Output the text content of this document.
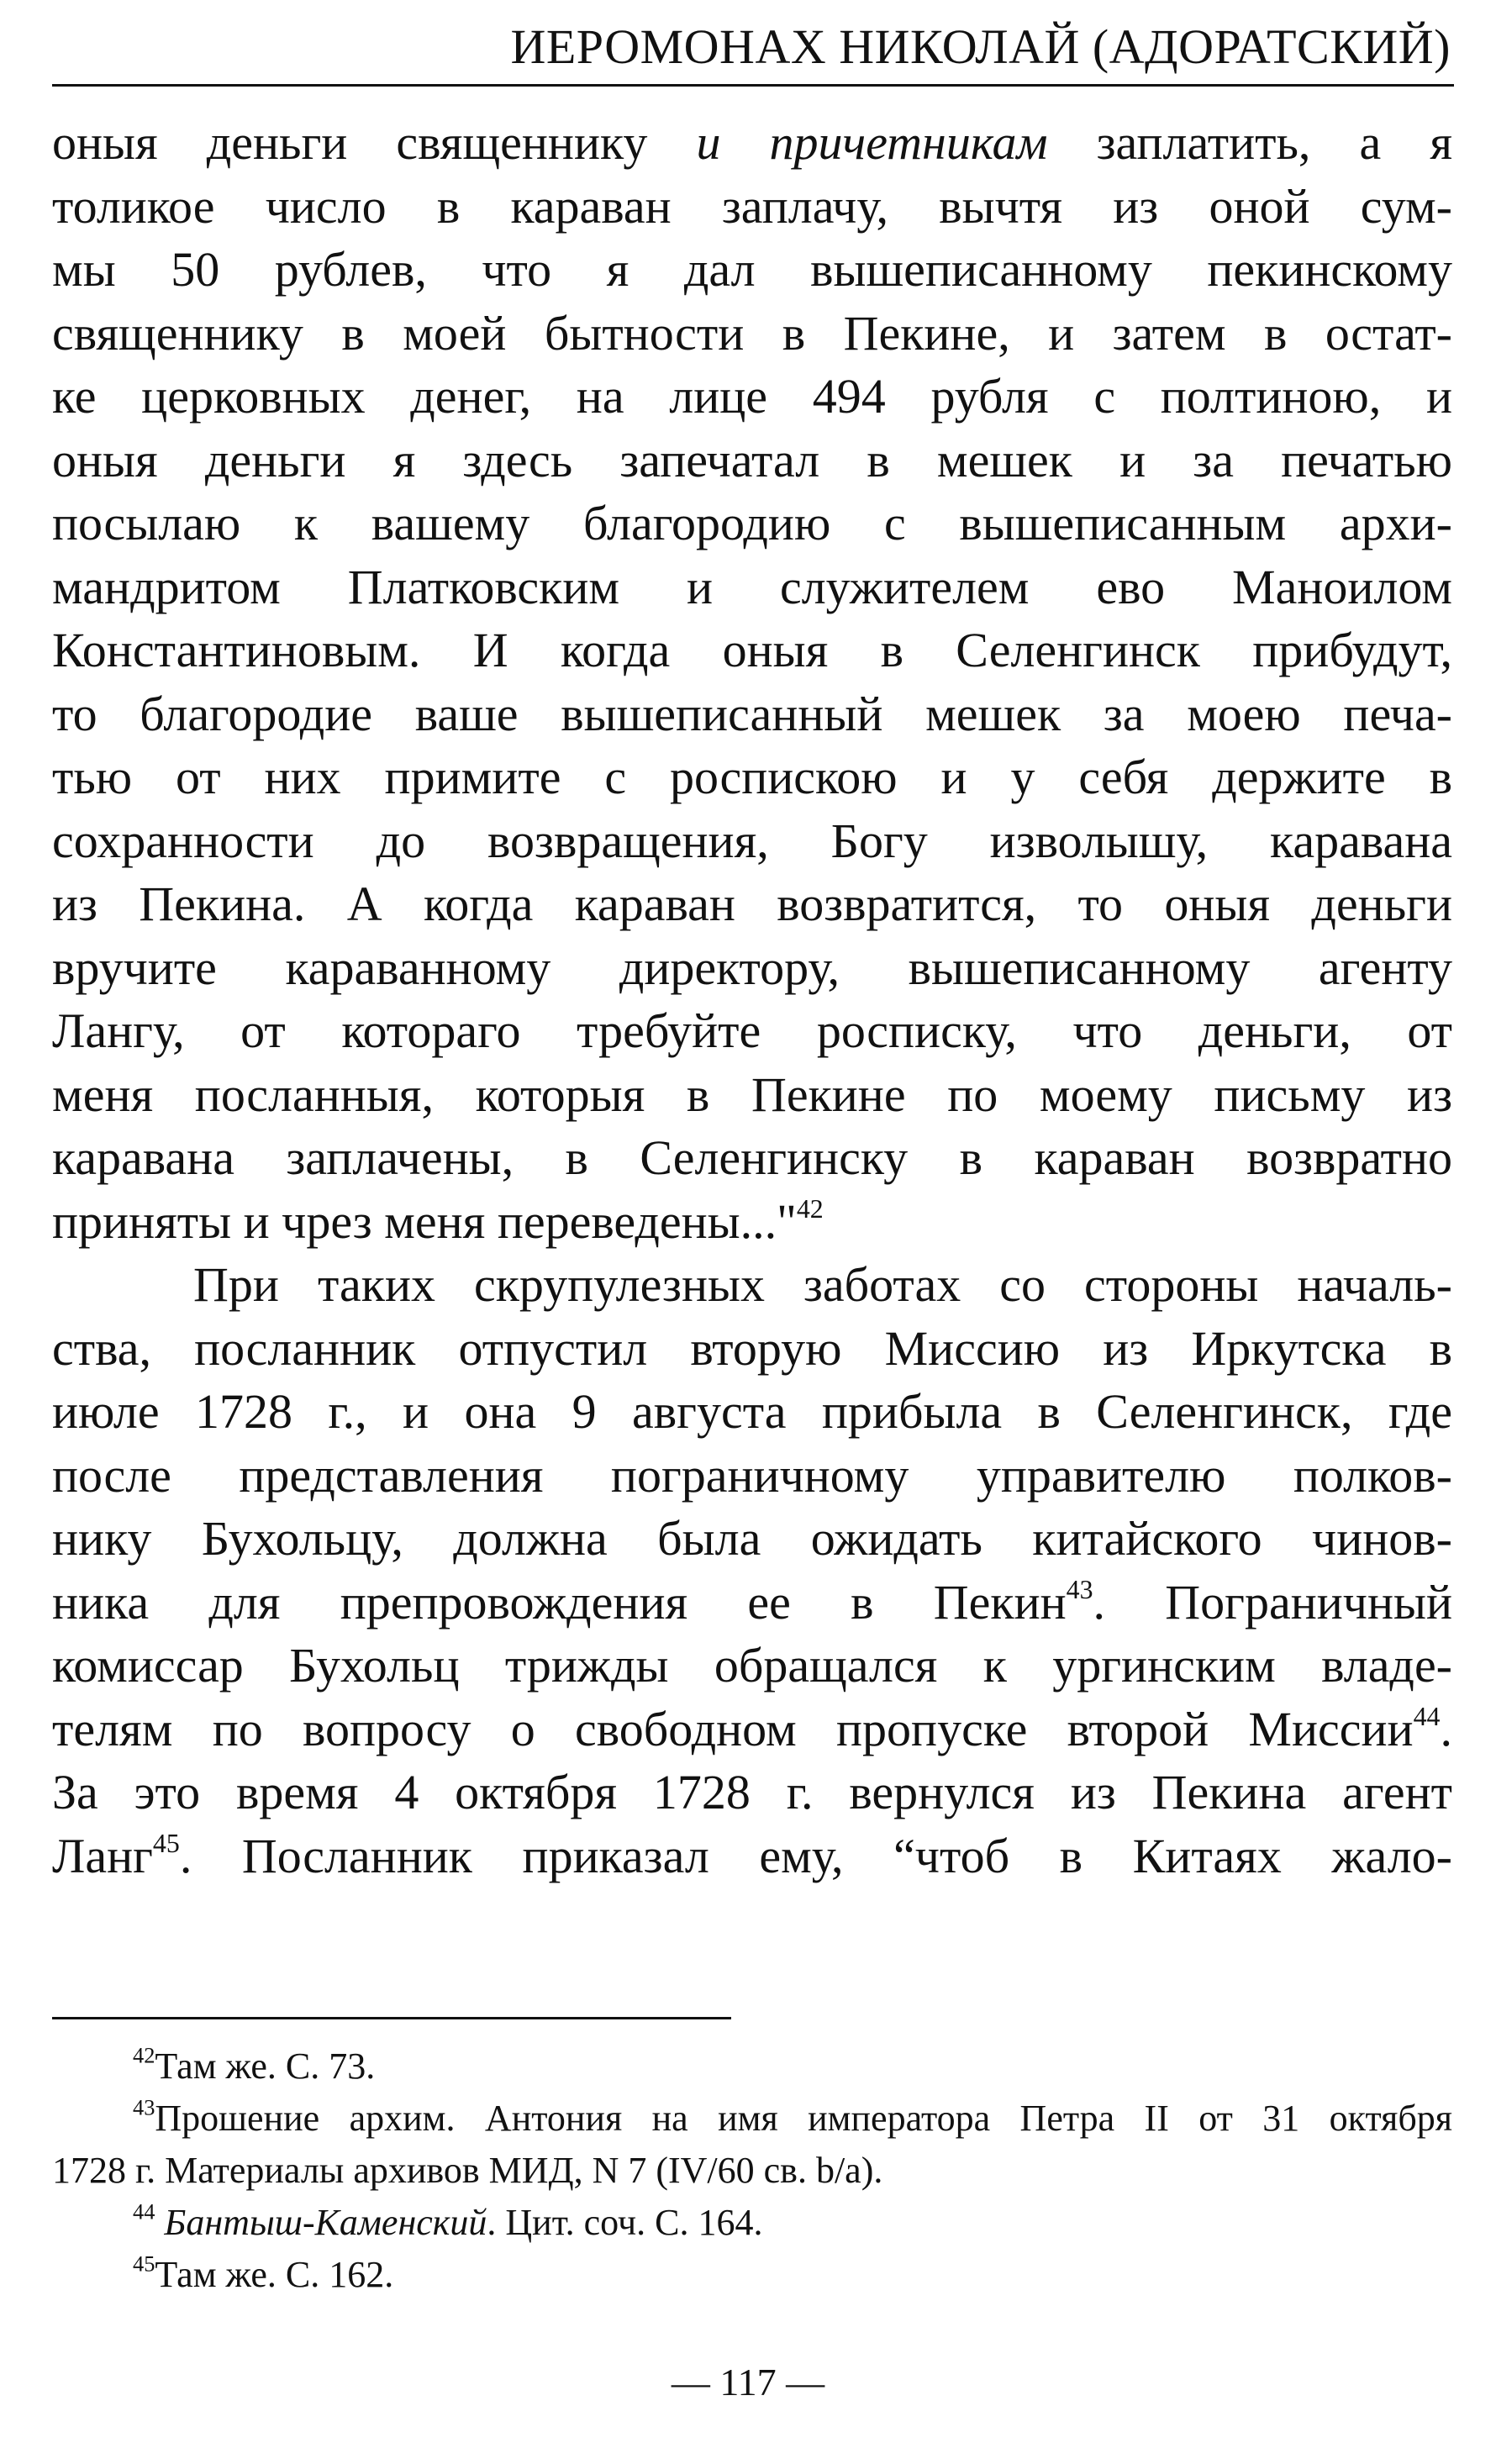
ИЕРОМОНАХ НИКОЛАЙ (АДОРАТСКИЙ)

оныя деньги священнику и причетникам заплатить, а я
толикое число в караван заплачу, вычтя из оной сум-
мы 50 рублев, что я дал вышеписанному пекинскому
священнику в моей бытности в Пекине, и затем в остат-
ке церковных денег, на лице 494 рубля с полтиною, и
оныя деньги я здесь запечатал в мешек и за печатью
посылаю к вашему благородию с вышеписанным архи-
мандритом Платковским и служителем ево Маноилом
Константиновым. И когда оныя в Селенгинск прибудут,
то благородие ваше вышеписанный мешек за моею печа-
тью от них примите с роспискою и у себя держите в
сохранности до возвращения, Богу изволышу, каравана
из Пекина. А когда караван возвратится, то оныя деньги
вручите караванному директору, вышеписанному агенту
Лангу, от котораго требуйте росписку, что деньги, от
меня посланныя, которыя в Пекине по моему письму из
каравана заплачены, в Селенгинску в караван возвратно
приняты и чрез меня переведены..."$^{42}$

При таких скрупулезных заботах со стороны началь-
ства, посланник отпустил вторую Миссию из Иркутска в
июле 1728 г., и она 9 августа прибыла в Селенгинск, где
после представления пограничному управителю полков-
нику Бухольцу, должна была ожидать китайского чинов-
ника для препровождения ее в Пекин$^{43}$. Пограничный
комиссар Бухольц трижды обращался к ургинским владе-
телям по вопросу о свободном пропуске второй Миссии$^{44}$.
За это время 4 октября 1728 г. вернулся из Пекина агент
Ланг$^{45}$. Посланник приказал ему, “чтоб в Китаях жало-

$^{42}$Там же. С. 73.
$^{43}$Прошение архим. Антония на имя императора Петра II от 31 октября
1728 г. Материалы архивов МИД, N 7 (IV/60 св. b/a).
$^{44}$ Бантыш-Каменский. Цит. соч. С. 164.
$^{45}$Там же. С. 162.
— 117 —
